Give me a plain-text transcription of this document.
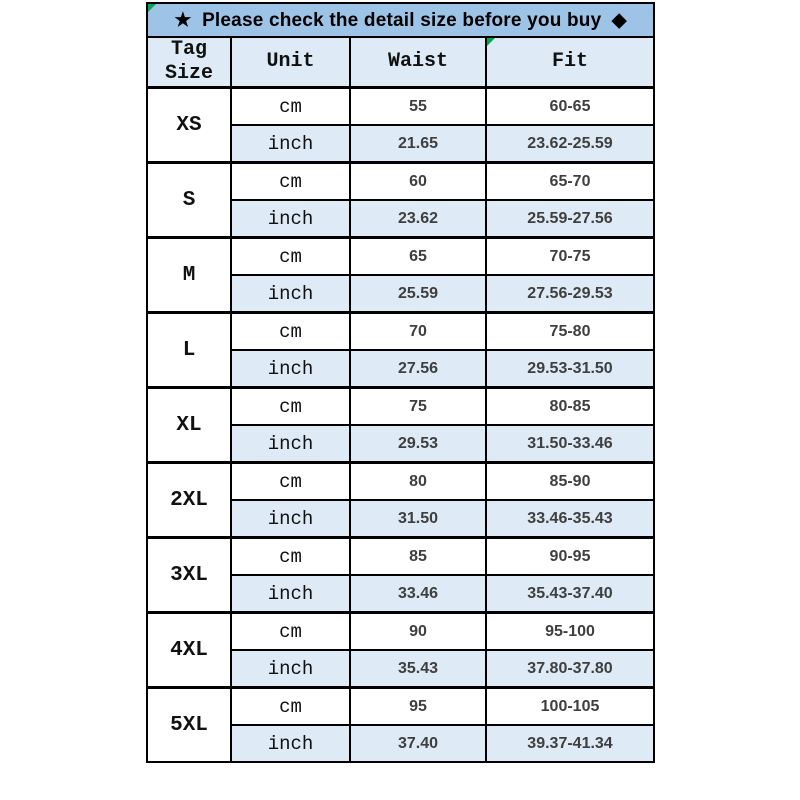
★ Please check the detail size before you buy ◆			
Tag Size	Unit	Waist	Fit
XS	cm	55	60-65
	inch	21.65	23.62-25.59
S	cm	60	65-70
	inch	23.62	25.59-27.56
M	cm	65	70-75
	inch	25.59	27.56-29.53
L	cm	70	75-80
	inch	27.56	29.53-31.50
XL	cm	75	80-85
	inch	29.53	31.50-33.46
2XL	cm	80	85-90
	inch	31.50	33.46-35.43
3XL	cm	85	90-95
	inch	33.46	35.43-37.40
4XL	cm	90	95-100
	inch	35.43	37.80-37.80
5XL	cm	95	100-105
	inch	37.40	39.37-41.34
